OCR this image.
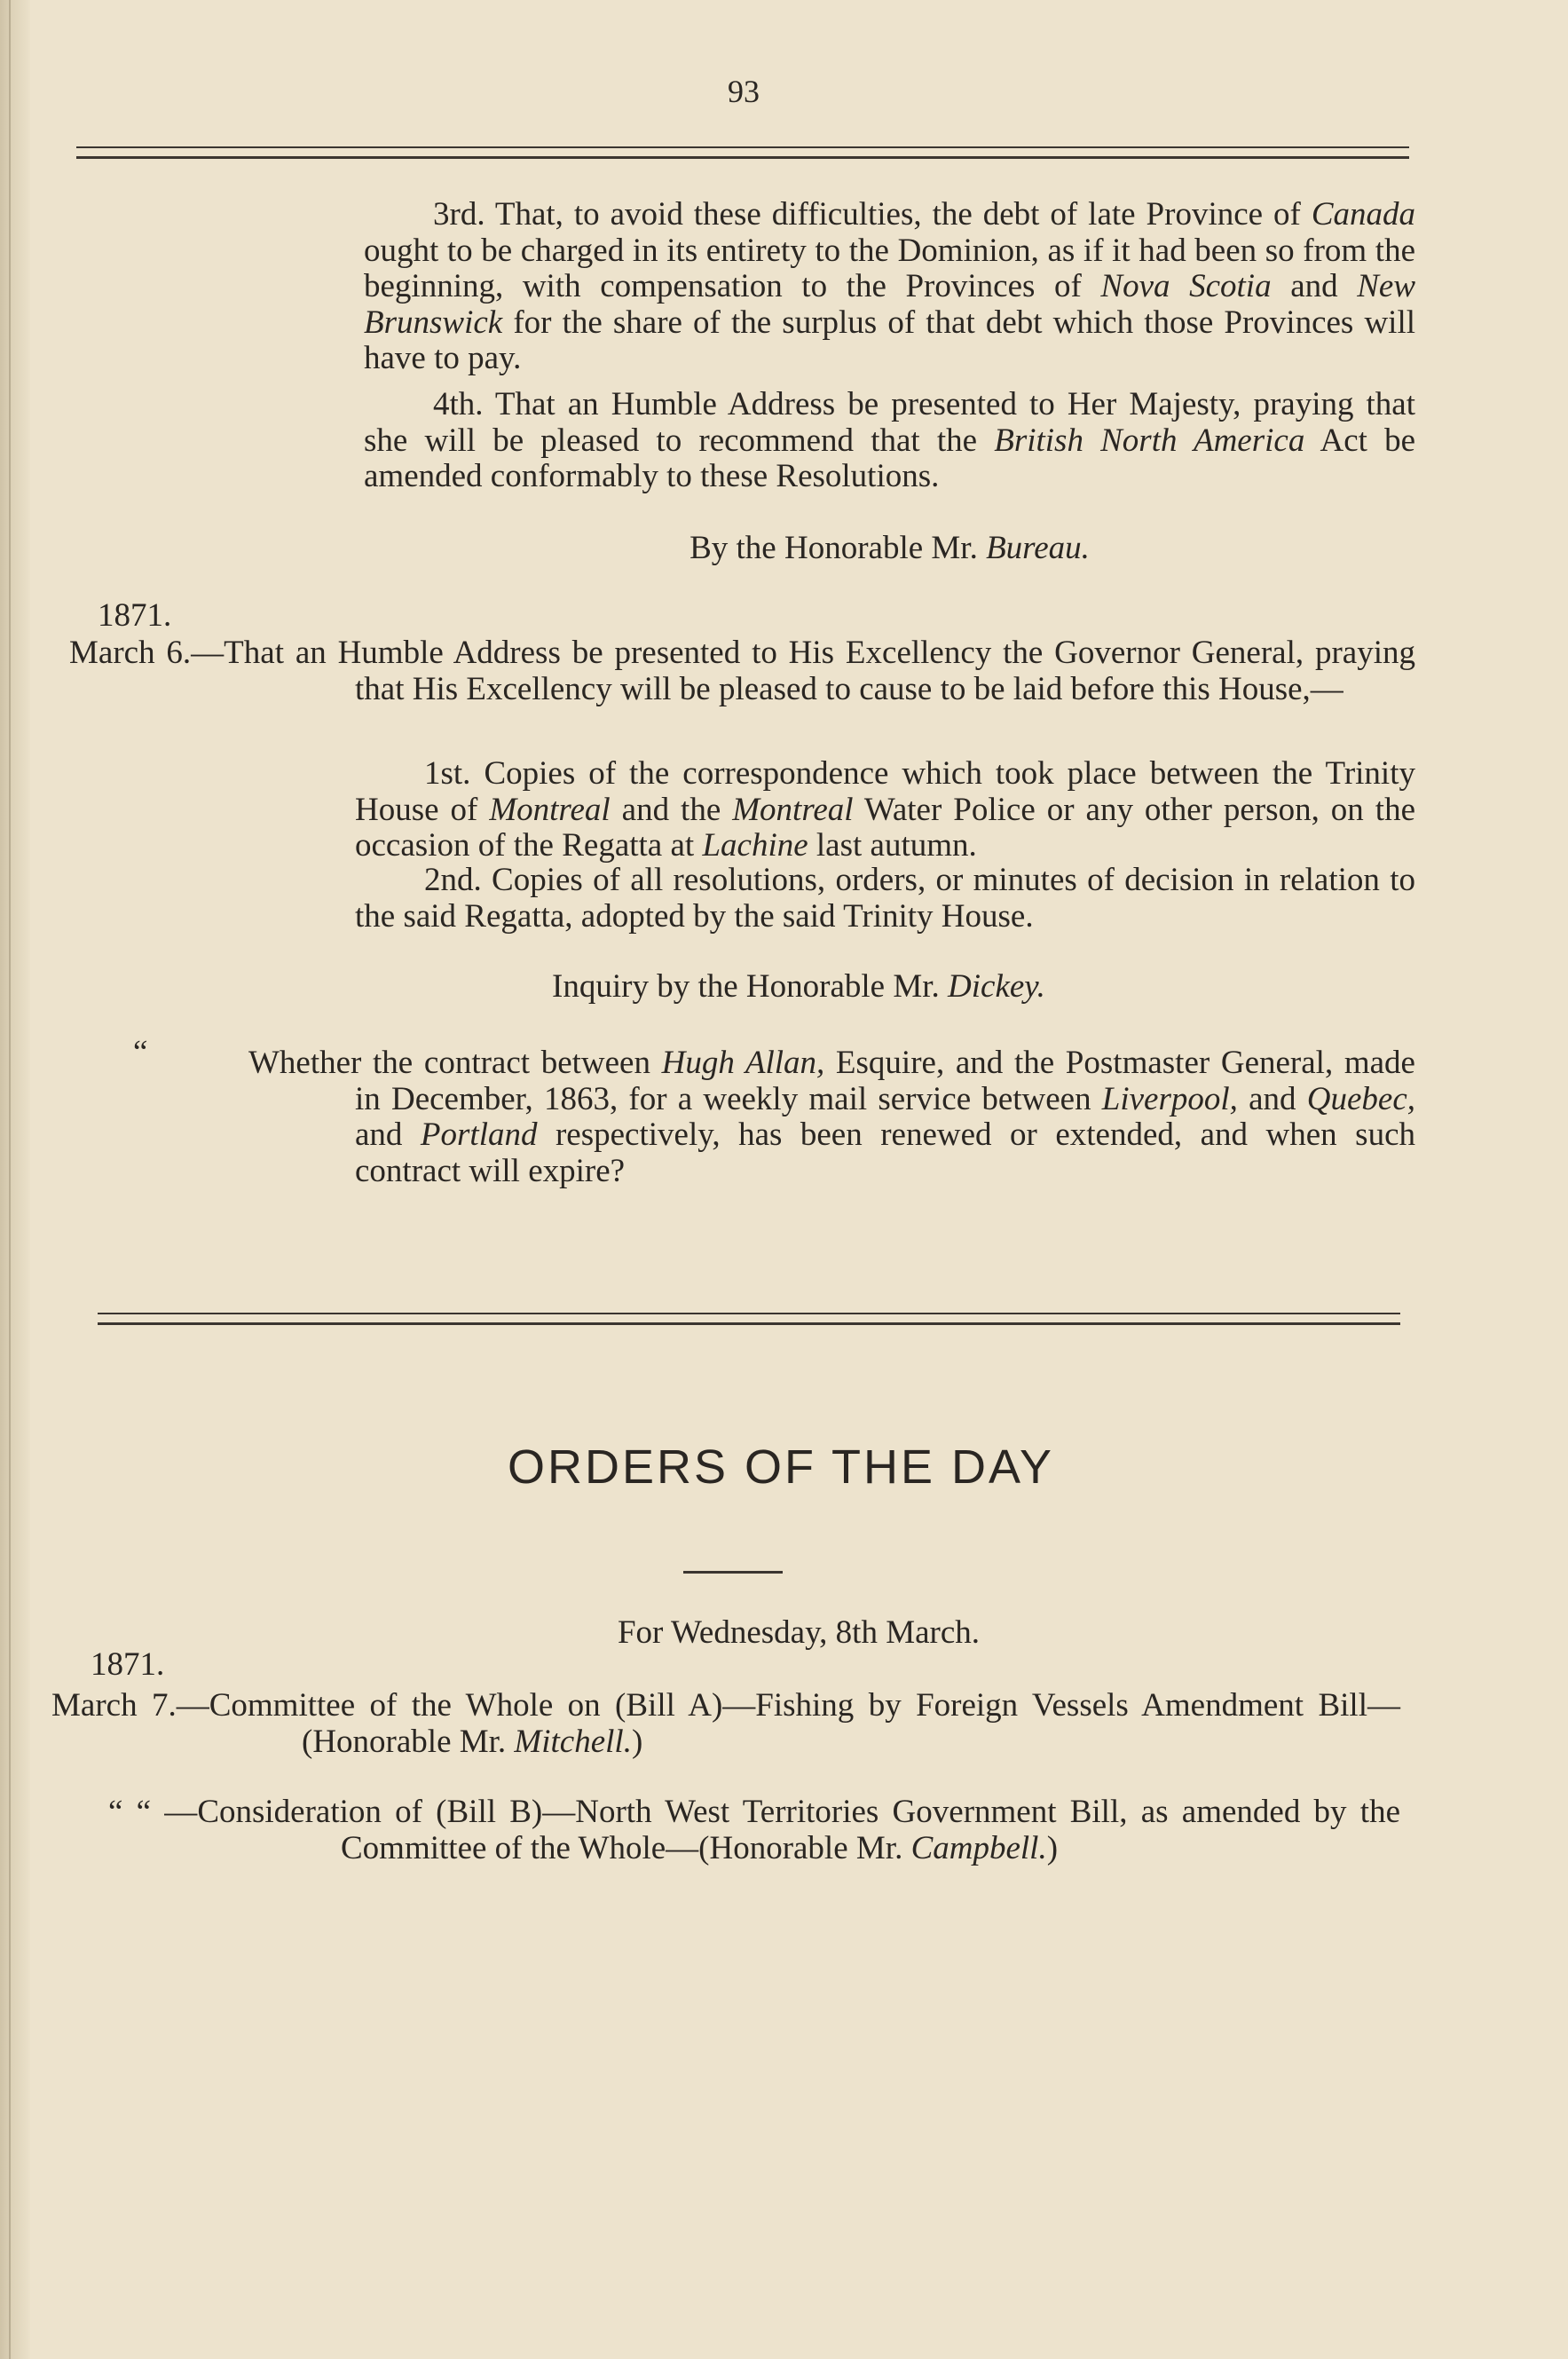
93
3rd. That, to avoid these difficulties, the debt of late Province of Canada ought to be charged in its entirety to the Dominion, as if it had been so from the beginning, with compensation to the Provinces of Nova Scotia and New Brunswick for the share of the surplus of that debt which those Provinces will have to pay.
4th. That an Humble Address be presented to Her Majesty, praying that she will be pleased to recommend that the British North America Act be amended conformably to these Resolutions.
By the Honorable Mr. Bureau.
1871.
March 6.—That an Humble Address be presented to His Excellency the Governor General, praying that His Excellency will be pleased to cause to be laid before this House,—
1st. Copies of the correspondence which took place between the Trinity House of Montreal and the Montreal Water Police or any other person, on the occasion of the Regatta at Lachine last autumn.
2nd. Copies of all resolutions, orders, or minutes of decision in relation to the said Regatta, adopted by the said Trinity House.
Inquiry by the Honorable Mr. Dickey.
“	Whether the contract between Hugh Allan, Esquire, and the Postmaster General, made in December, 1863, for a weekly mail service between Liverpool, and Quebec, and Portland respectively, has been renewed or extended, and when such contract will expire?
ORDERS OF THE DAY
For Wednesday, 8th March.
1871.
March 7.—Committee of the Whole on (Bill A)—Fishing by Foreign Vessels Amendment Bill—(Honorable Mr. Mitchell.)
“ “ —Consideration of (Bill B)—North West Territories Government Bill, as amended by the Committee of the Whole—(Honorable Mr. Campbell.)
